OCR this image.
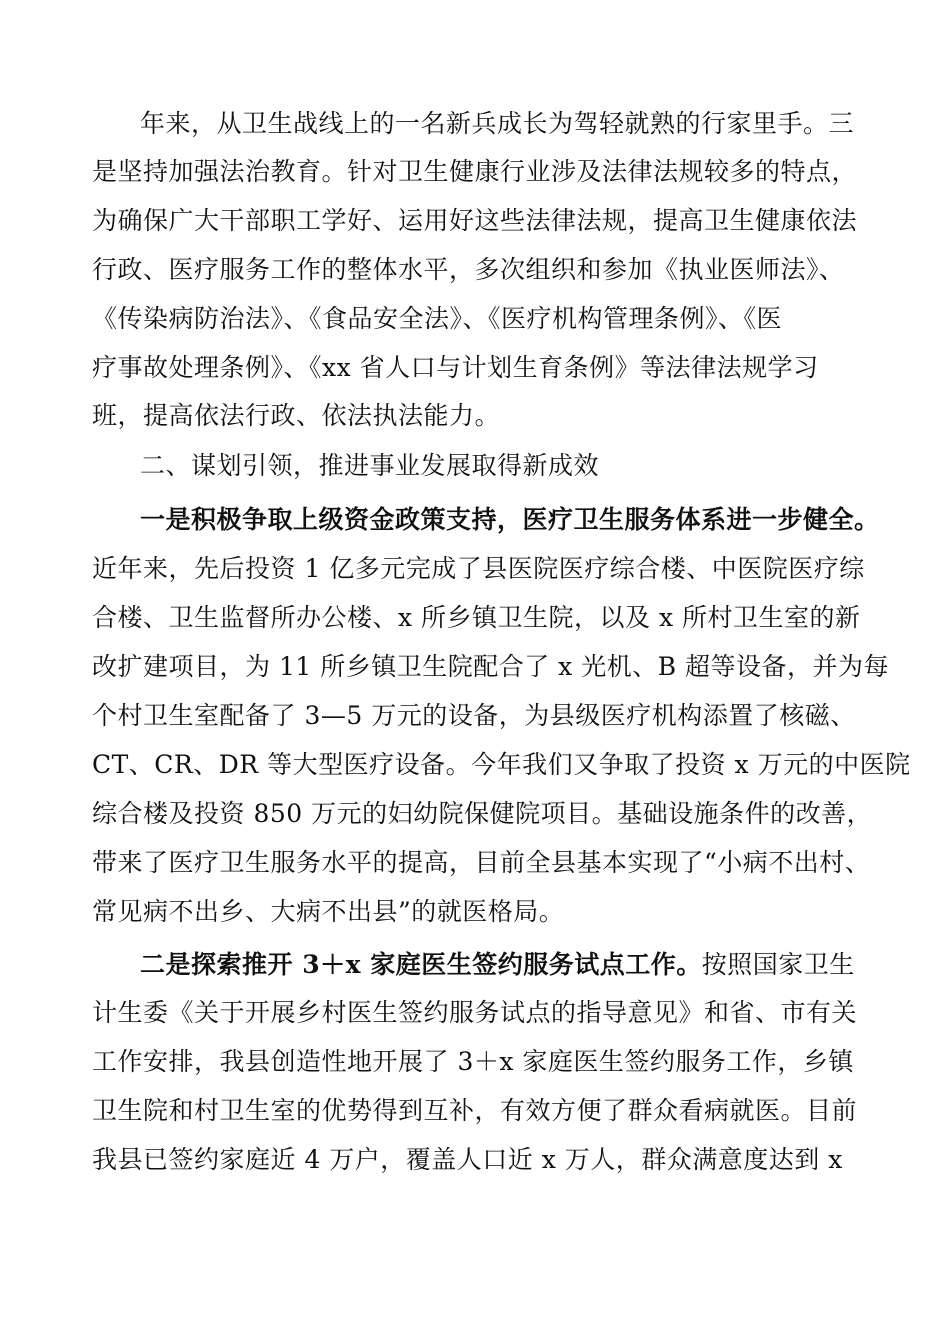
年来，从卫生战线上的一名新兵成长为驾轻就熟的行家里手。三
是坚持加强法治教育。针对卫生健康行业涉及法律法规较多的特点，
为确保广大干部职工学好、运用好这些法律法规，提高卫生健康依法
行政、医疗服务工作的整体水平，多次组织和参加《执业医师法》、
《传染病防治法》、《食品安全法》、《医疗机构管理条例》、《医
疗事故处理条例》、《xx 省人口与计划生育条例》等法律法规学习
班，提高依法行政、依法执法能力。
二、谋划引领，推进事业发展取得新成效
一是积极争取上级资金政策支持，医疗卫生服务体系进一步健全。
近年来，先后投资 1 亿多元完成了县医院医疗综合楼、中医院医疗综
合楼、卫生监督所办公楼、x 所乡镇卫生院，以及 x 所村卫生室的新
改扩建项目，为 11 所乡镇卫生院配合了 x 光机、B 超等设备，并为每
个村卫生室配备了 3—5 万元的设备，为县级医疗机构添置了核磁、
CT、CR、DR 等大型医疗设备。今年我们又争取了投资 x 万元的中医院
综合楼及投资 850 万元的妇幼院保健院项目。基础设施条件的改善，
带来了医疗卫生服务水平的提高，目前全县基本实现了“小病不出村、
常见病不出乡、大病不出县”的就医格局。
二是探索推开 3＋x 家庭医生签约服务试点工作。按照国家卫生
计生委《关于开展乡村医生签约服务试点的指导意见》和省、市有关
工作安排，我县创造性地开展了 3＋x 家庭医生签约服务工作，乡镇
卫生院和村卫生室的优势得到互补，有效方便了群众看病就医。目前
我县已签约家庭近 4 万户，覆盖人口近 x 万人，群众满意度达到 x
